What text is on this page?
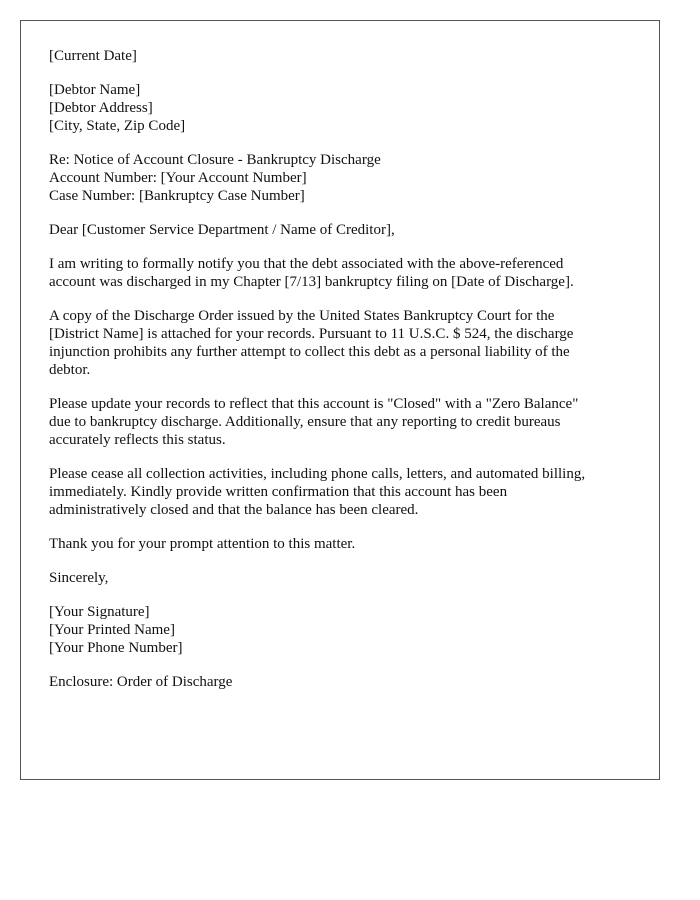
[Current Date]
[Debtor Name]
[Debtor Address]
[City, State, Zip Code]
Re: Notice of Account Closure - Bankruptcy Discharge
Account Number: [Your Account Number]
Case Number: [Bankruptcy Case Number]
Dear [Customer Service Department / Name of Creditor],
I am writing to formally notify you that the debt associated with the above-referenced
account was discharged in my Chapter [7/13] bankruptcy filing on [Date of Discharge].
A copy of the Discharge Order issued by the United States Bankruptcy Court for the
[District Name] is attached for your records. Pursuant to 11 U.S.C. $ 524, the discharge
injunction prohibits any further attempt to collect this debt as a personal liability of the
debtor.
Please update your records to reflect that this account is "Closed" with a "Zero Balance"
due to bankruptcy discharge. Additionally, ensure that any reporting to credit bureaus
accurately reflects this status.
Please cease all collection activities, including phone calls, letters, and automated billing,
immediately. Kindly provide written confirmation that this account has been
administratively closed and that the balance has been cleared.
Thank you for your prompt attention to this matter.
Sincerely,
[Your Signature]
[Your Printed Name]
[Your Phone Number]
Enclosure: Order of Discharge
